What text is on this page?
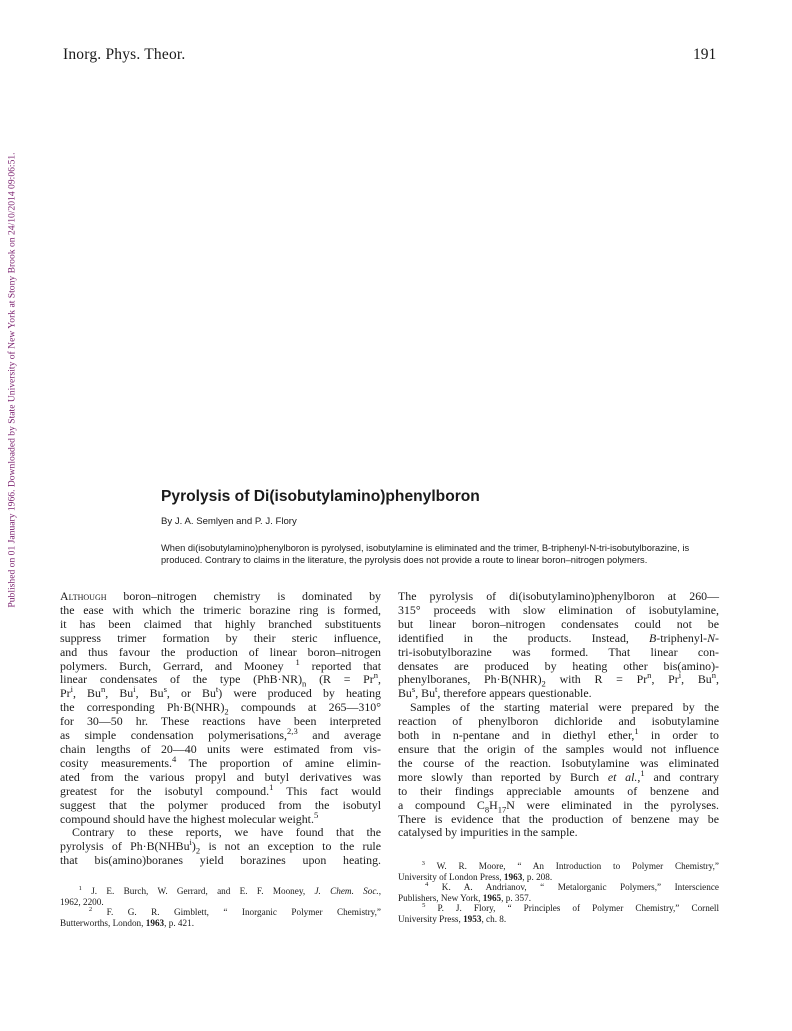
Published on 01 January 1966. Downloaded by State University of New York at Stony Brook on 24/10/2014 09:06:51.
Inorg. Phys. Theor.	191
Pyrolysis of Di(isobutylamino)phenylboron
By J. A. Semlyen and P. J. Flory
When di(isobutylamino)phenylboron is pyrolysed, isobutylamine is eliminated and the trimer, B-triphenyl-N-tri-isobutylborazine, is produced. Contrary to claims in the literature, the pyrolysis does not provide a route to linear boron–nitrogen polymers.
Although boron–nitrogen chemistry is dominated by
the ease with which the trimeric borazine ring is formed,
it has been claimed that highly branched substituents
suppress trimer formation by their steric influence,
and thus favour the production of linear boron–nitrogen
polymers. Burch, Gerrard, and Mooney $^1$ reported that
linear condensates of the type $(PhB\cdot NR)_n$ ($R = Pr^n$,
Pr$^i$, Bu$^n$, Bu$^i$, Bu$^s$, or Bu$^t$) were produced by heating
the corresponding $Ph\cdot B(NHR)_2$ compounds at 265—310°
for 30—50 hr. These reactions have been interpreted
as simple condensation polymerisations,$^{2,3}$ and average
chain lengths of 20—40 units were estimated from vis-
cosity measurements.$^4$ The proportion of amine elimin-
ated from the various propyl and butyl derivatives was
greatest for the isobutyl compound.$^1$ This fact would
suggest that the polymer produced from the isobutyl
compound should have the highest molecular weight.$^5$
Contrary to these reports, we have found that the
pyrolysis of $Ph\cdot B(NHBu^i)_2$ is not an exception to the rule
that bis(amino)boranes yield borazines upon heating.
$^1$ J. E. Burch, W. Gerrard, and E. F. Mooney, J. Chem. Soc.,
1962, 2200.
$^2$ F. G. R. Gimblett, “ Inorganic Polymer Chemistry,”
Butterworths, London, 1963, p. 421.
The pyrolysis of di(isobutylamino)phenylboron at 260—
315° proceeds with slow elimination of isobutylamine,
but linear boron–nitrogen condensates could not be
identified in the products. Instead, B-triphenyl-N-
tri-isobutylborazine was formed. That linear con-
densates are produced by heating other bis(amino)-
phenylboranes, $Ph\cdot B(NHR)_2$ with $R = Pr^n$, Pr$^i$, Bu$^n$,
Bu$^s$, Bu$^t$, therefore appears questionable.
Samples of the starting material were prepared by the
reaction of phenylboron dichloride and isobutylamine
both in n-pentane and in diethyl ether,$^1$ in order to
ensure that the origin of the samples would not influence
the course of the reaction. Isobutylamine was eliminated
more slowly than reported by Burch et al.,$^1$ and contrary
to their findings appreciable amounts of benzene and
a compound $C_8H_{17}N$ were eliminated in the pyrolyses.
There is evidence that the production of benzene may be
catalysed by impurities in the sample.
$^3$ W. R. Moore, “ An Introduction to Polymer Chemistry,”
University of London Press, 1963, p. 208.
$^4$ K. A. Andrianov, “ Metalorganic Polymers,” Interscience
Publishers, New York, 1965, p. 357.
$^5$ P. J. Flory, “ Principles of Polymer Chemistry,” Cornell
University Press, 1953, ch. 8.
